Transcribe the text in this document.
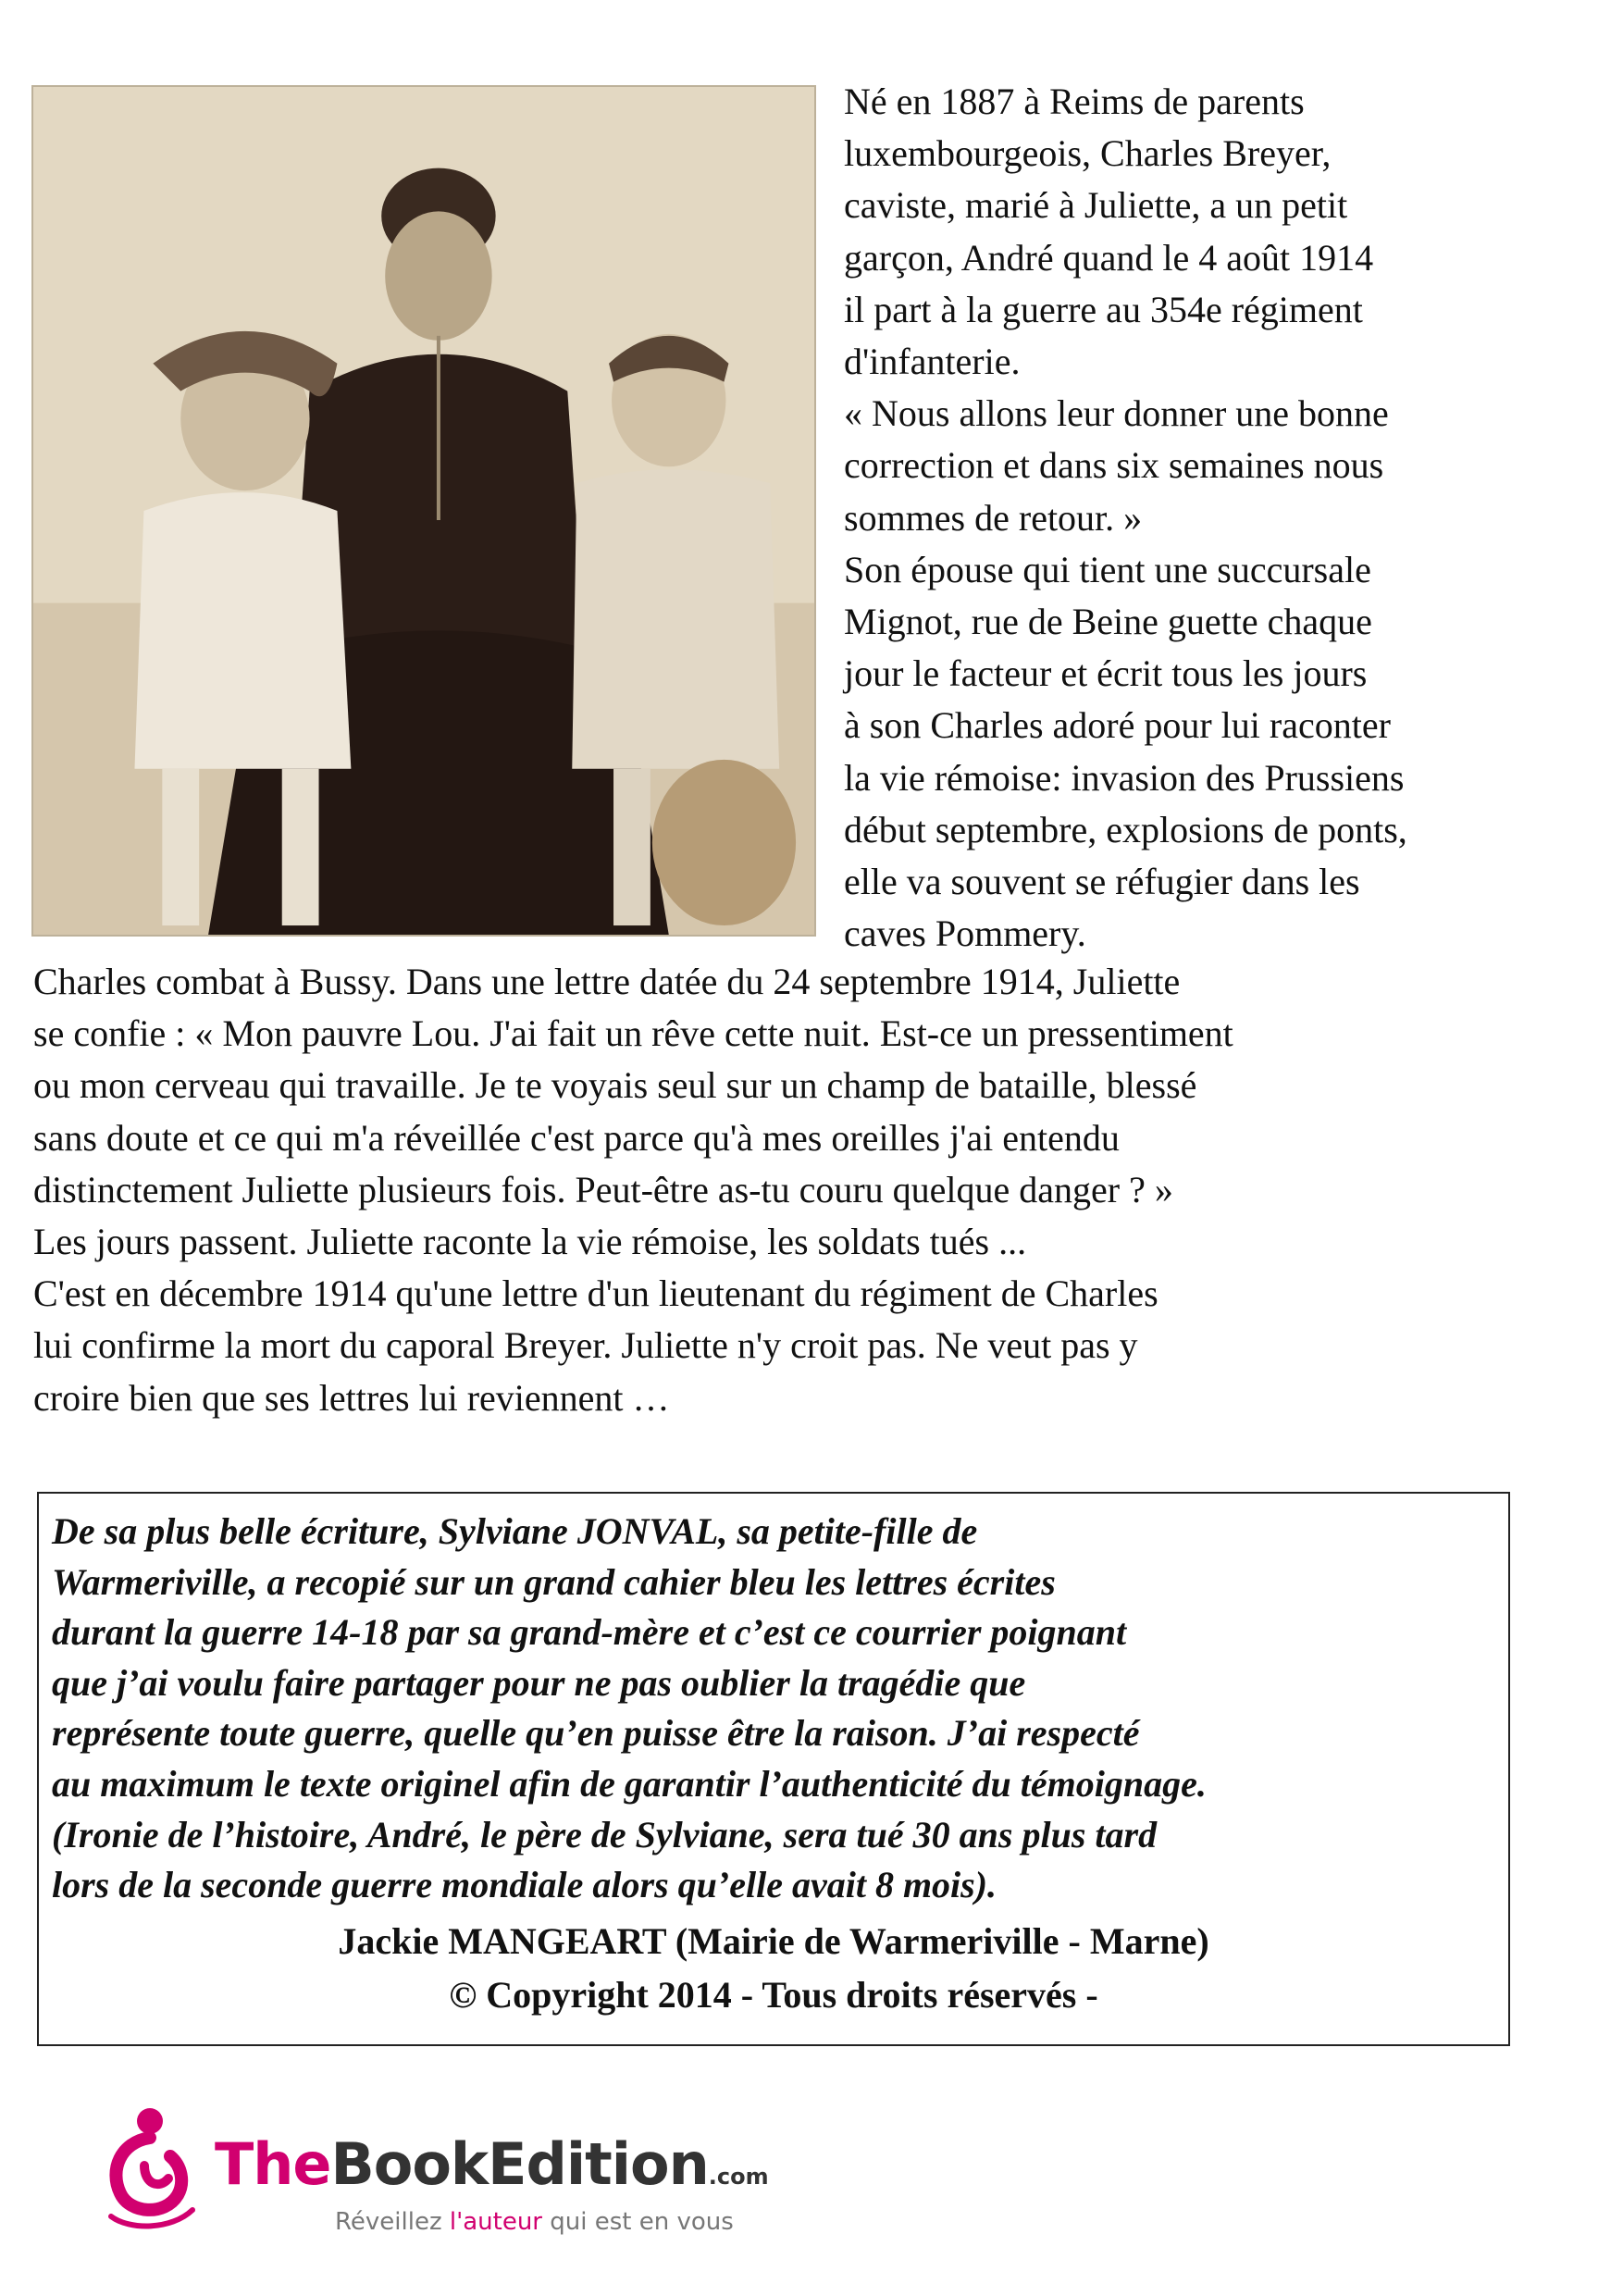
Né en 1887 à Reims de parents

luxembourgeois, Charles Breyer,

caviste, marié à Juliette, a un petit

garçon, André quand le 4 août 1914

il part à la guerre au 354e régiment

d'infanterie.

« Nous allons leur donner une bonne

correction et dans six semaines nous

sommes de retour. »

Son épouse qui tient une succursale

Mignot, rue de Beine guette chaque

jour le facteur et écrit tous les jours

à son Charles adoré pour lui raconter

la vie rémoise: invasion des Prussiens

début septembre, explosions de ponts,

elle va souvent se réfugier dans les

caves Pommery.

Charles combat à Bussy. Dans une lettre datée du 24 septembre 1914, Juliette

se confie : « Mon pauvre Lou. J'ai fait un rêve cette nuit. Est-ce un pressentiment

ou mon cerveau qui travaille. Je te voyais seul sur un champ de bataille, blessé

sans doute et ce qui m'a réveillée c'est parce qu'à mes oreilles j'ai entendu

distinctement Juliette plusieurs fois. Peut-être as-tu couru quelque danger ? »

Les jours passent. Juliette raconte la vie rémoise, les soldats tués ...

C'est en décembre 1914 qu'une lettre d'un lieutenant du régiment de Charles

lui confirme la mort du caporal Breyer. Juliette n'y croit pas. Ne veut pas y

croire bien que ses lettres lui reviennent …

De sa plus belle écriture, Sylviane JONVAL, sa petite-fille de

Warmeriville, a recopié sur un grand cahier bleu les lettres écrites

durant la guerre 14-18 par sa grand-mère et c’est ce courrier poignant

que j’ai voulu faire partager pour ne pas oublier la tragédie que

représente toute guerre, quelle qu’en puisse être la raison. J’ai respecté

au maximum le texte originel afin de garantir l’authenticité du témoignage.

(Ironie de l’histoire, André, le père de Sylviane, sera tué 30 ans plus tard

lors de la seconde guerre mondiale alors qu’elle avait 8 mois).

Jackie MANGEART (Mairie de Warmeriville - Marne)
© Copyright 2014 - Tous droits réservés -
TheBookEdition.com
Réveillez l'auteur qui est en vous
